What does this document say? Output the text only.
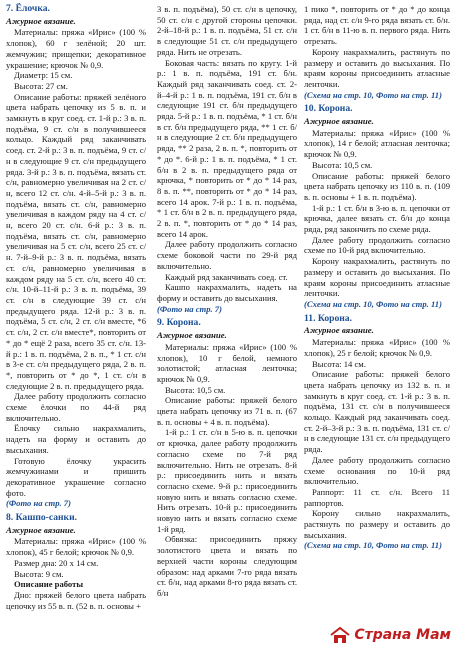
7. Ёлочка.
Ажурное вязание.

Материалы: пряжа «Ирис» (100 % хлопок), 60 г зелёной; 20 шт. жемчужин; прищепки; декоративное украшение; крючок № 0,9.

Диаметр: 15 см.

Высота: 27 см.

Описание работы: пряжей зелёного цвета набрать цепочку из 5 в. п. и замкнуть в круг соед. ст. 1-й р.: 3 в. п. подъёма, 9 ст. с/н в получившееся кольцо. Каждый ряд заканчивать соед. ст. 2-й р.: 3 в. п. подъёма, 9 ст. с/н в следующие 9 ст. с/н предыдущего ряда. 3-й р.: 3 в. п. подъёма, вязать ст. с/н, равномерно увеличивая на 2 ст. с/н, всего 12 ст. с/н. 4-й–5-й р.: 3 в. п. подъёма, вязать ст. с/н, равномерно увеличивая в каждом ряду на 4 ст. с/н, всего 20 ст. с/н. 6-й р.: 3 в. п. подъёма, вязать ст. с/н, равномерно увеличивая на 5 ст. с/н, всего 25 ст. с/н. 7-й–9-й р.: 3 в. п. подъёма, вязать ст. с/н, равномерно увеличивая в каждом ряду на 5 ст. с/н, всего 40 ст. с/н. 10-й–11-й р.: 3 в. п. подъёма, 39 ст. с/н в следующие 39 ст. с/н предыдущего ряда. 12-й р.: 3 в. п. подъёма, 5 ст. с/н, 2 ст. с/н вместе, *6 ст. с/н, 2 ст. с/н вместе*, повторить от * до * ещё 2 раза, всего 35 ст. с/н. 13-й р.: 1 в. п. подъёма, 2 в. п., * 1 ст. с/н в 3-е ст. с/н предыдущего ряда, 2 в. п. *, повторить от * до *, 1 ст. с/н в следующие 2 в. п. предыдущего ряда.

Далее работу продолжить согласно схеме ёлочки по 44-й ряд включительно.

Ёлочку сильно накрахмалить, надеть на форму и оставить до высыхания.

Готовую ёлочку украсить жемчужинами и пришить декоративное украшение согласно фото.

(Фото на стр. 7)

8. Кашпо-санки.
Ажурное вязание.

Материалы: пряжа «Ирис» (100 % хлопок), 45 г белой; крючок № 0,9.

Размер дна: 20 x 14 см.

Высота: 9 см.

Описание работы

Дно: пряжей белого цвета набрать цепочку из 55 в. п. (52 в. п. основы +

3 в. п. подъёма), 50 ст. с/н в цепочку, 50 ст. с/н с другой стороны цепочки. 2-й–18-й р.: 1 в. п. подъёма, 51 ст. с/н в следующие 51 ст. с/н предыдущего ряда. Нить не отрезать.

Боковая часть: вязать по кругу. 1-й р.: 1 в. п. подъёма, 191 ст. б/н. Каждый ряд заканчивать соед. ст. 2-й–4-й р.: 1 в. п. подъёма, 191 ст. б/н в следующие 191 ст. б/н предыдущего ряда. 5-й р.: 1 в. п. подъёма, * 1 ст. б/н в ст. б/н предыдущего ряда, ** 1 ст. б/н в следующие 2 ст. б/н предыдущего ряда, ** 2 раза, 2 в. п. *, повторить от * до *. 6-й р.: 1 в. п. подъёма, * 1 ст. б/н в 2 в. п. предыдущего ряда от крючка, * повторить от * до * 14 раз, 8 в. п. **, повторить от * до * 14 раз, всего 14 арок. 7-й р.: 1 в. п. подъёма, * 1 ст. б/н в 2 в. п. предыдущего ряда, 2 в. п. *, повторить от * до * 14 раз, всего 14 арок.

Далее работу продолжить согласно схеме боковой части по 29-й ряд включительно.

Каждый ряд заканчивать соед. ст.

Кашпо накрахмалить, надеть на форму и оставить до высыхания.

(Фото на стр. 7)

9. Корона.
Ажурное вязание.

Материалы: пряжа «Ирис» (100 % хлопок), 10 г белой, немного золотистой; атласная ленточка; крючок № 0,9.

Высота: 10,5 см.

Описание работы: пряжей белого цвета набрать цепочку из 71 в. п. (67 в. п. основы + 4 в. п. подъёма).

1-й р.: 1 ст. с/н в 5-ю в. п. цепочки от крючка, далее работу продолжить согласно схеме по 7-й ряд включительно. Нить не отрезать. 8-й р.: присоединить нить и вязать согласно схеме. 9-й р.: присоединить новую нить и вязать согласно схеме. Нить отрезать. 10-й р.: присоединить новую нить и вязать согласно схеме 1-й ряд.

Обвязка: присоединить пряжу золотистого цвета и вязать по верхней части короны следующим образом: над арками 7-го ряда вязать ст. б/н, над арками 8-го ряда вязать ст. б/н

1 пико *, повторить от * до * до конца ряда, над ст. с/н 9-го ряда вязать ст. б/н. 1 ст. б/н в 11-ю в. п. первого ряда. Нить отрезать.

Корону накрахмалить, растянуть по размеру и оставить до высыхания. По краям короны присоединить атласные ленточки.

(Схема на стр. 10, Фото на стр. 11)

10. Корона.
Ажурное вязание.

Материалы: пряжа «Ирис» (100 % хлопок), 14 г белой; атласная ленточка; крючок № 0,9.

Высота: 10,5 см.

Описание работы: пряжей белого цвета набрать цепочку из 110 в. п. (109 в. п. основы + 1 в. п. подъёма).

1-й р.: 1 ст. б/н в 3-ю в. п. цепочки от крючка, далее вязать ст. б/н до конца ряда, ряд закончить по схеме ряда.

Далее работу продолжить согласно схеме по 10-й ряд включительно.

Корону накрахмалить, растянуть по размеру и оставить до высыхания. По краям короны присоединить атласные ленточки.

(Схема на стр. 10, Фото на стр. 11)

11. Корона.
Ажурное вязание.

Материалы: пряжа «Ирис» (100 % хлопок), 25 г белой; крючок № 0,9.

Высота: 14 см.

Описание работы: пряжей белого цвета набрать цепочку из 132 в. п. и замкнуть в круг соед. ст. 1-й р.: 3 в. п. подъёма, 131 ст. с/н в получившееся кольцо. Каждый ряд заканчивать соед. ст. 2-й–3-й р.: 3 в. п. подъёма, 131 ст. с/н в следующие 131 ст. с/н предыдущего ряда.

Далее работу продолжить согласно схеме основания по 10-й ряд включительно.

Раппорт: 11 ст. с/н. Всего 11 раппортов.

Корону сильно накрахмалить, растянуть по размеру и оставить до высыхания.

(Схема на стр. 10, Фото на стр. 11)

Страна Мам
